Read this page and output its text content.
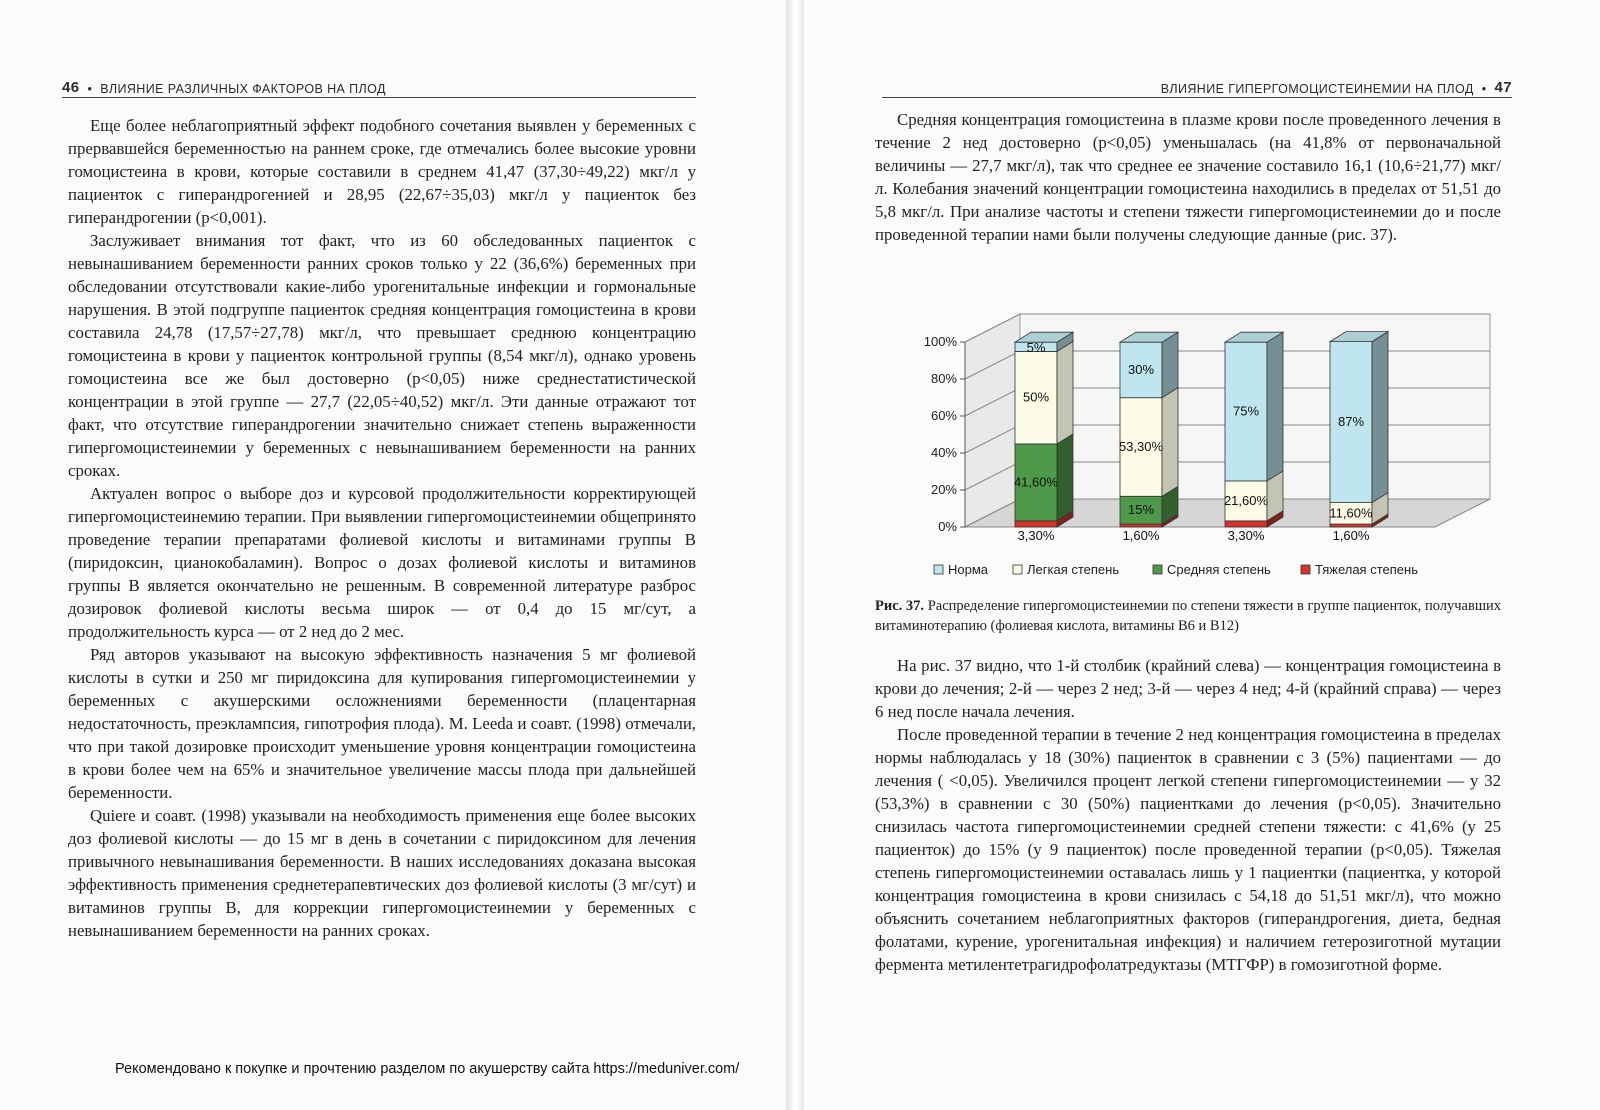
46 • ВЛИЯНИЕ РАЗЛИЧНЫХ ФАКТОРОВ НА ПЛОД	ВЛИЯНИЕ ГИПЕРГОМОЦИСТЕИНЕМИИ НА ПЛОД • 47

Еще более неблагоприятный эффект подобного сочетания выявлен у беременных с прервавшейся беременностью на раннем сроке, где отмечались более высокие уровни гомоцистеина в крови, которые составили в среднем 41,47 (37,30÷49,22) мкг/л у пациенток с гиперандрогенией и 28,95 (22,67÷35,03) мкг/л у пациенток без гиперандрогении (p<0,001).

Заслуживает внимания тот факт, что из 60 обследованных пациенток с невынашиванием беременности ранних сроков только у 22 (36,6%) беременных при обследовании отсутствовали какие-либо урогенитальные инфекции и гормональные нарушения. В этой подгруппе пациенток средняя концентрация гомоцистеина в крови составила 24,78 (17,57÷27,78) мкг/л, что превышает среднюю концентрацию гомоцистеина в крови у пациенток контрольной группы (8,54 мкг/л), однако уровень гомоцистеина все же был достоверно (p<0,05) ниже среднестатистической концентрации в этой группе — 27,7 (22,05÷40,52) мкг/л. Эти данные отражают тот факт, что отсутствие гиперандрогении значительно снижает степень выраженности гипергомоцистеинемии у беременных с невынашиванием беременности на ранних сроках.

Актуален вопрос о выборе доз и курсовой продолжительности корректирующей гипергомоцистеинемию терапии. При выявлении гипергомоцистеинемии общепринято проведение терапии препаратами фолиевой кислоты и витаминами группы В (пиридоксин, цианокобаламин). Вопрос о дозах фолиевой кислоты и витаминов группы В является окончательно не решенным. В современной литературе разброс дозировок фолиевой кислоты весьма широк — от 0,4 до 15 мг/сут, а продолжительность курса — от 2 нед до 2 мес.

Ряд авторов указывают на высокую эффективность назначения 5 мг фолиевой кислоты в сутки и 250 мг пиридоксина для купирования гипергомоцистеинемии у беременных с акушерскими осложнениями беременности (плацентарная недостаточность, преэклампсия, гипотрофия плода). M. Leeda и соавт. (1998) отмечали, что при такой дозировке происходит уменьшение уровня концентрации гомоцистеина в крови более чем на 65% и значительное увеличение массы плода при дальнейшей беременности.

Quiere и соавт. (1998) указывали на необходимость применения еще более высоких доз фолиевой кислоты — до 15 мг в день в сочетании с пиридоксином для лечения привычного невынашивания беременности. В наших исследованиях доказана высокая эффективность применения среднетерапевтических доз фолиевой кислоты (3 мг/сут) и витаминов группы В, для коррекции гипергомоцистеинемии у беременных с невынашиванием беременности на ранних сроках.

Средняя концентрация гомоцистеина в плазме крови после проведенного лечения в течение 2 нед достоверно (p<0,05) уменьшалась (на 41,8% от первоначальной величины — 27,7 мкг/л), так что среднее ее значение составило 16,1 (10,6÷21,77) мкг/л. Колебания значений концентрации гомоцистеина находились в пределах от 51,51 до 5,8 мкг/л. При анализе частоты и степени тяжести гипергомоцистеинемии до и после проведенной терапии нами были получены следующие данные (рис. 37).

0%
20%
40%
60%
80%
100%
3,30%
41,60%
50%
5%
1,60%
15%
53,30%
30%
3,30%
21,60%
75%
1,60%
11,60%
87%
Норма	Легкая степень	Средняя степень	Тяжелая степень
Рис. 37. Распределение гипергомоцистеинемии по степени тяжести в группе пациенток, получавших витаминотерапию (фолиевая кислота, витамины B6 и B12)

На рис. 37 видно, что 1-й столбик (крайний слева) — концентрация гомоцистеина в крови до лечения; 2-й — через 2 нед; 3-й — через 4 нед; 4-й (крайний справа) — через 6 нед после начала лечения.

После проведенной терапии в течение 2 нед концентрация гомоцистеина в пределах нормы наблюдалась у 18 (30%) пациенток в сравнении с 3 (5%) пациентами — до лечения ( <0,05). Увеличился процент легкой степени гипергомоцистеинемии — у 32 (53,3%) в сравнении с 30 (50%) пациентками до лечения (p<0,05). Значительно снизилась частота гипергомоцистеинемии средней степени тяжести: с 41,6% (у 25 пациенток) до 15% (у 9 пациенток) после проведенной терапии (p<0,05). Тяжелая степень гипергомоцистеинемии оставалась лишь у 1 пациентки (пациентка, у которой концентрация гомоцистеина в крови снизилась с 54,18 до 51,51 мкг/л), что можно объяснить сочетанием неблагоприятных факторов (гиперандрогения, диета, бедная фолатами, курение, урогенитальная инфекция) и наличием гетерозиготной мутации фермента метилентетрагидрофолатредуктазы (МТГФР) в гомозиготной форме.

Рекомендовано к покупке и прочтению разделом по акушерству сайта https://meduniver.com/
